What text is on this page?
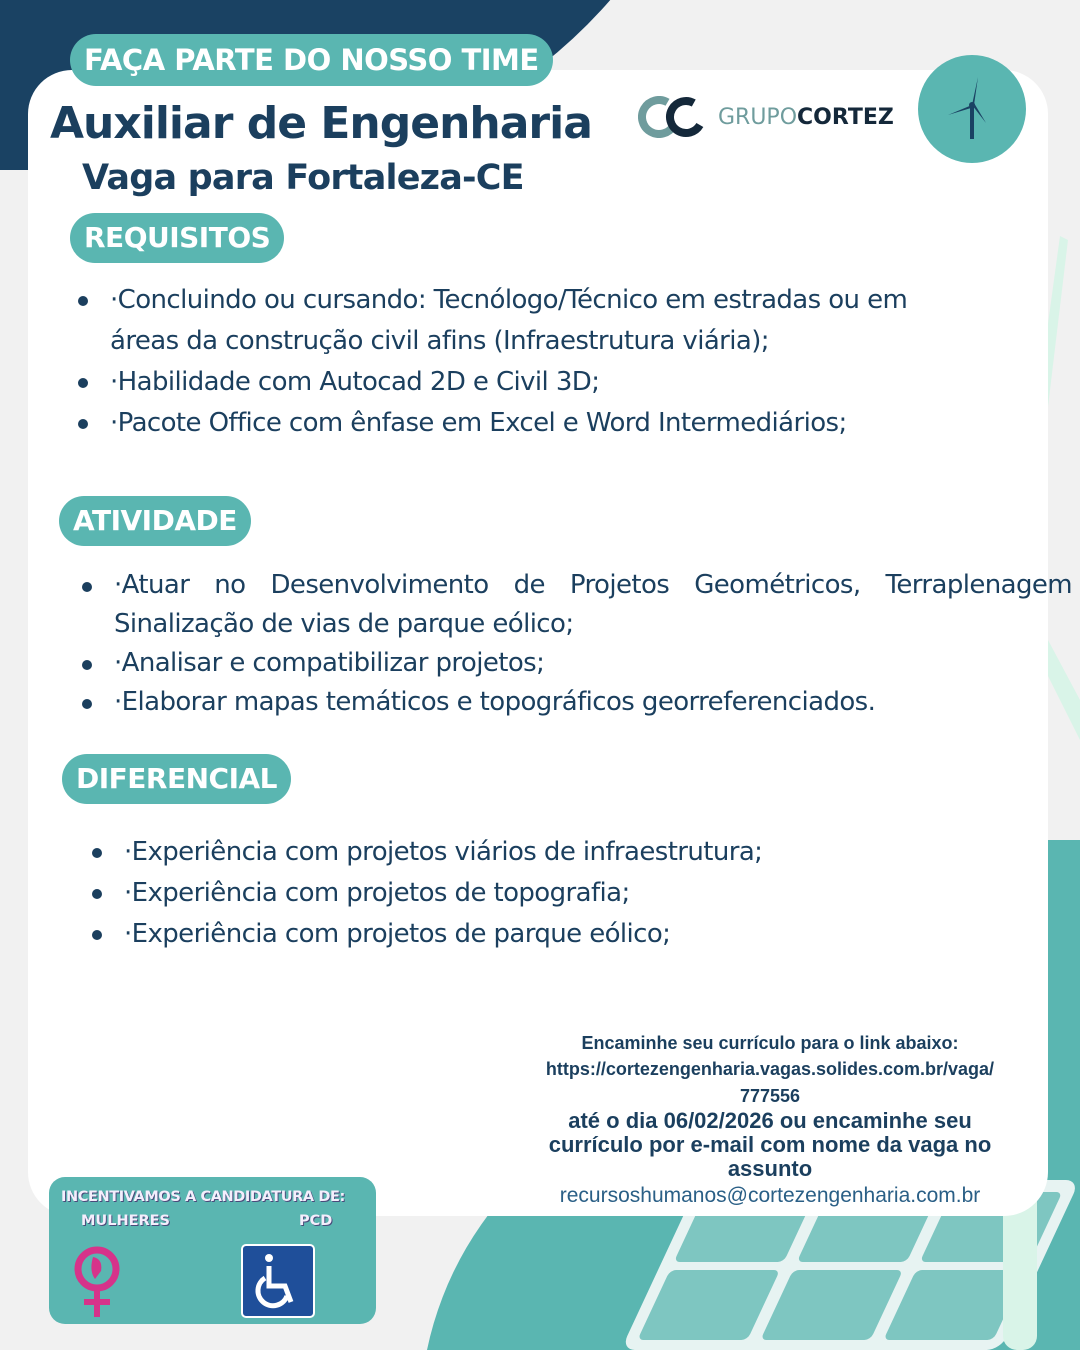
FAÇA PARTE DO NOSSO TIME
Auxiliar de Engenharia
Vaga para Fortaleza-CE
GRUPO CORTEZ
REQUISITOS
·Concluindo ou cursando: Tecnólogo/Técnico em estradas ou em áreas da construção civil afins (Infraestrutura viária);
·Habilidade com Autocad 2D e Civil 3D;
·Pacote Office com ênfase em Excel e Word Intermediários;
ATIVIDADE
·Atuar no Desenvolvimento de Projetos Geométricos, Terraplenagem Sinalização de vias de parque eólico;
·Analisar e compatibilizar projetos;
·Elaborar mapas temáticos e topográficos georreferenciados.
DIFERENCIAL
·Experiência com projetos viários de infraestrutura;
·Experiência com projetos de topografia;
·Experiência com projetos de parque eólico;
Encaminhe seu currículo para o link abaixo:
https://cortezengenharia.vagas.solides.com.br/vaga/
777556
até o dia 06/02/2026 ou encaminhe seu currículo por e-mail com nome da vaga no assunto
recursoshumanos@cortezengenharia.com.br
INCENTIVAMOS A CANDIDATURA DE:
MULHERES	PCD
